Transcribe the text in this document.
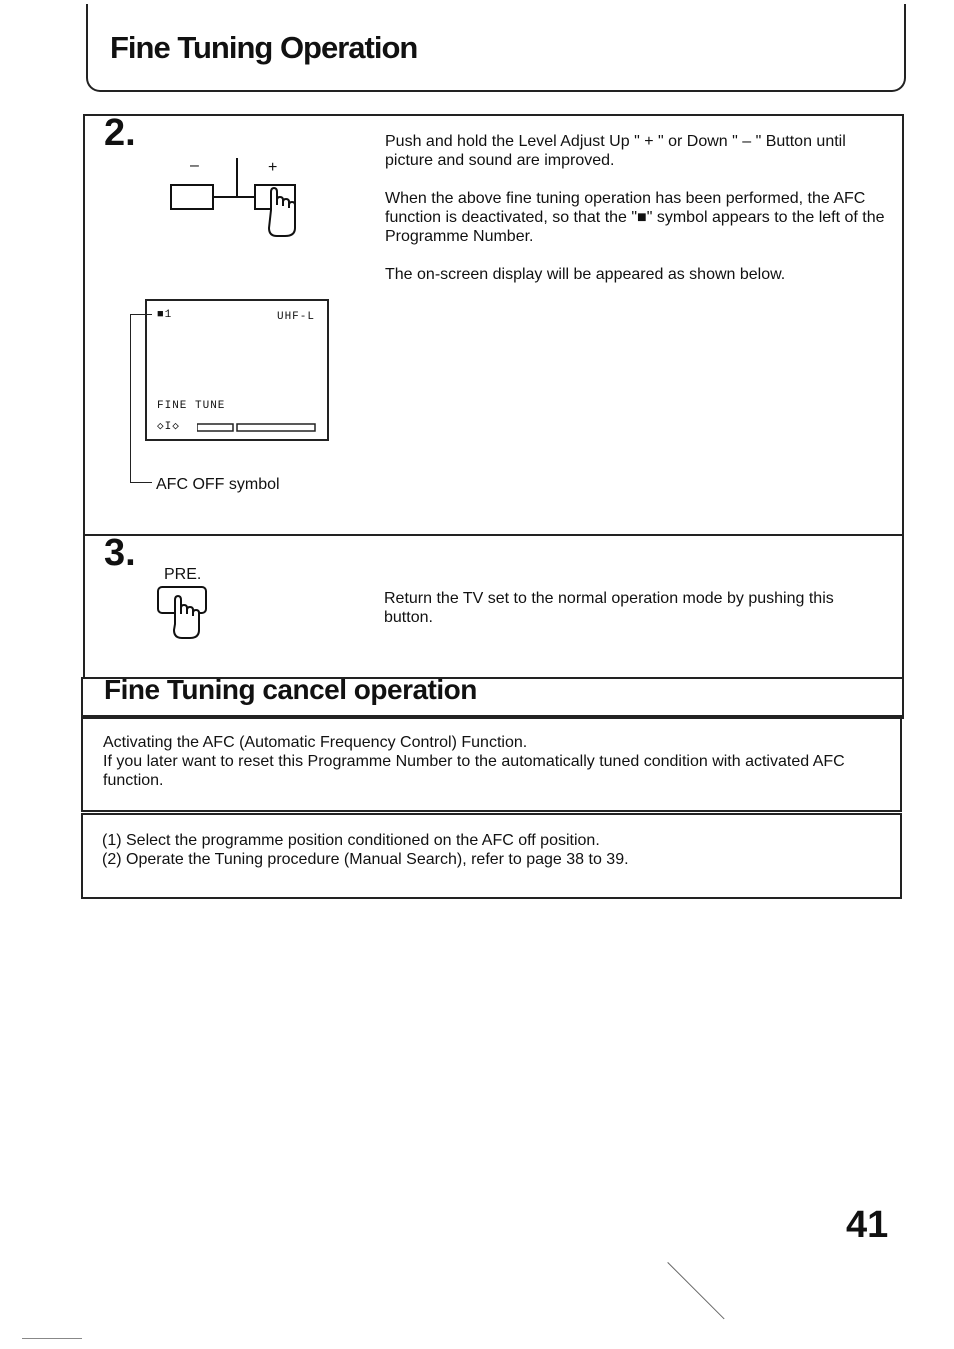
Fine Tuning Operation
2.
–	+
■1	UHF-L
FINE TUNE
◇I◇
AFC OFF symbol

Push and hold the Level Adjust Up " + " or Down " – " Button until picture and sound are improved.

When the above fine tuning operation has been performed, the AFC function is deactivated, so that the "■" symbol appears to the left of the Programme Number.

The on-screen display will be appeared as shown below.

3.
PRE.
Return the TV set to the normal operation mode by pushing this button.
Fine Tuning cancel operation
Activating the AFC (Automatic Frequency Control) Function.
If you later want to reset this Programme Number to the automatically tuned condition with activated AFC function.
(1) Select the programme position conditioned on the AFC off position.
(2) Operate the Tuning procedure (Manual Search), refer to page 38 to 39.
41
